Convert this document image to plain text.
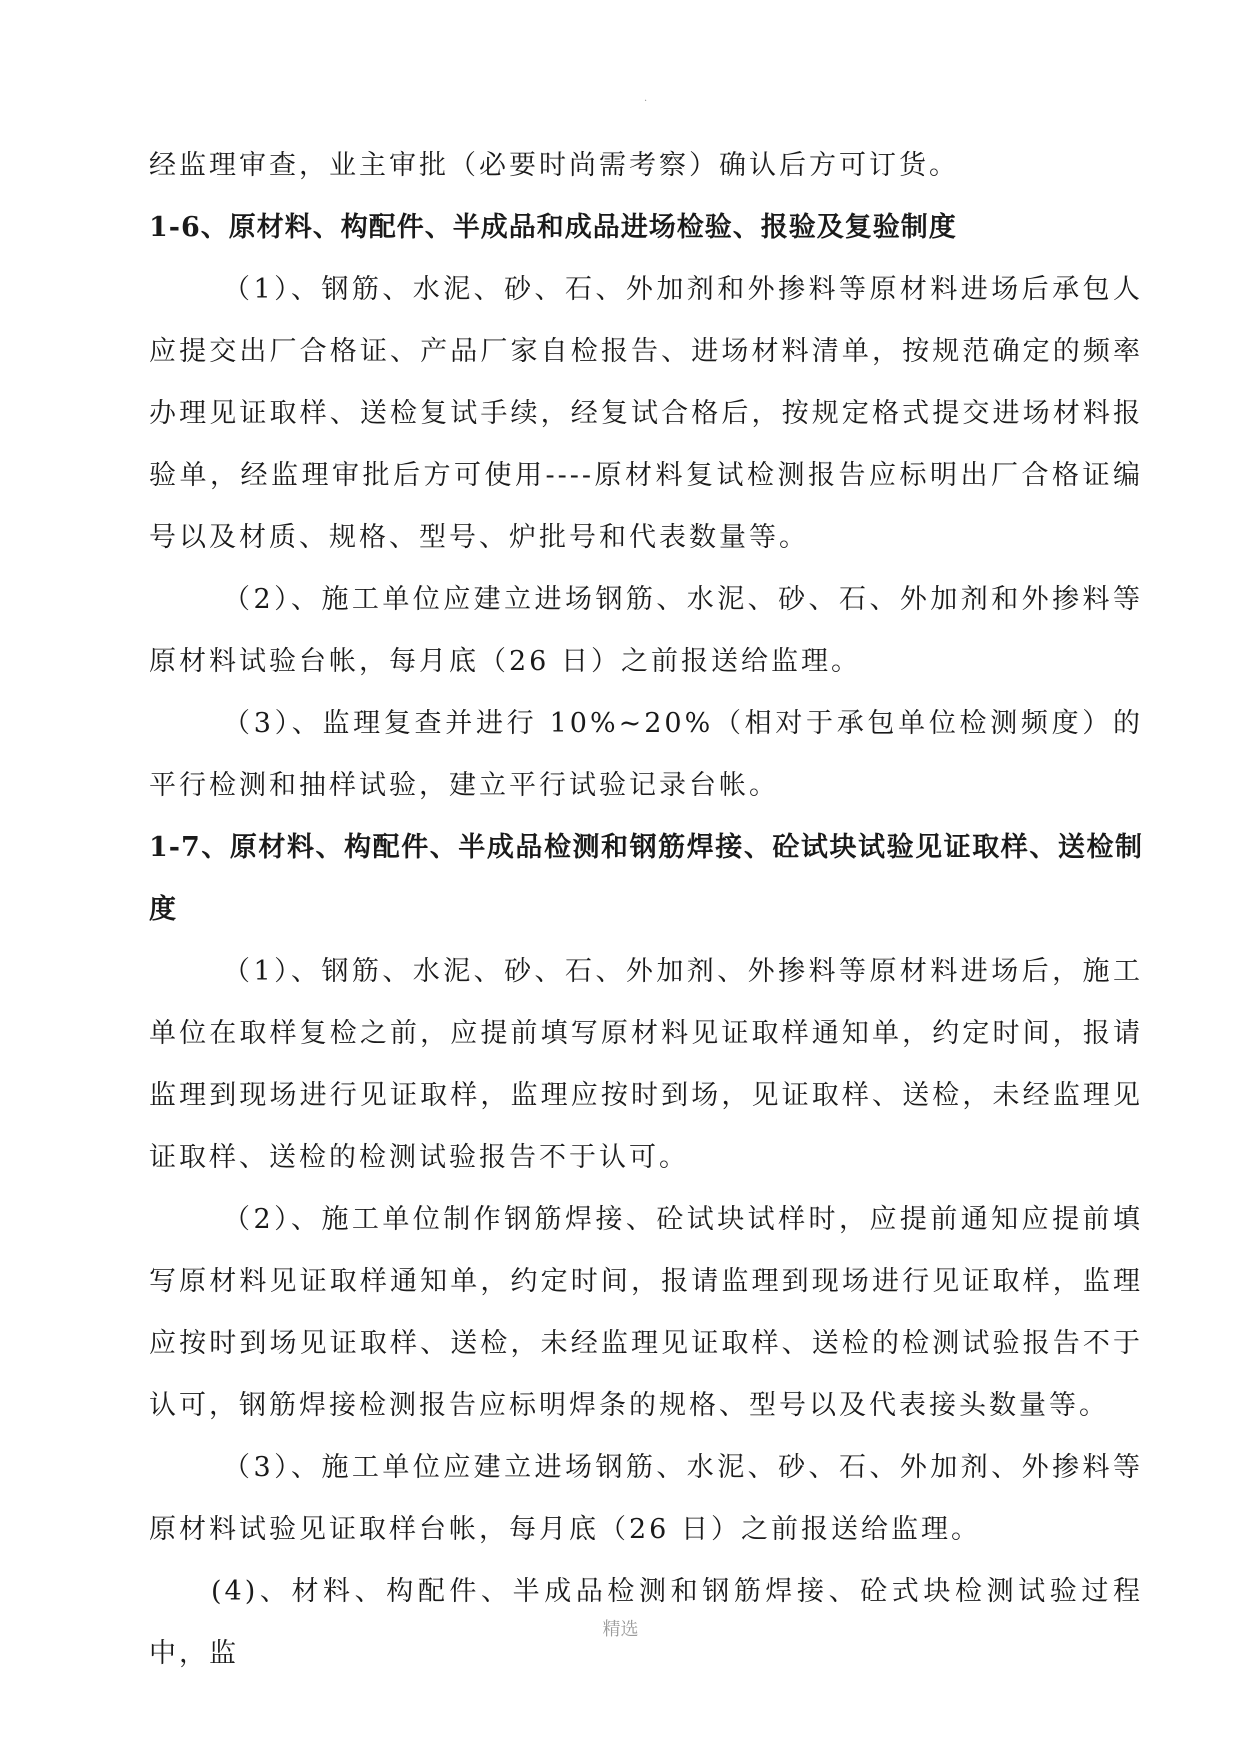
·

经监理审查，业主审批（必要时尚需考察）确认后方可订货。

1-6、原材料、构配件、半成品和成品进场检验、报验及复验制度

（1）、钢筋、水泥、砂、石、外加剂和外掺料等原材料进场后承包人应提交出厂合格证、产品厂家自检报告、进场材料清单，按规范确定的频率办理见证取样、送检复试手续，经复试合格后，按规定格式提交进场材料报验单，经监理审批后方可使用----原材料复试检测报告应标明出厂合格证编号以及材质、规格、型号、炉批号和代表数量等。

（2）、施工单位应建立进场钢筋、水泥、砂、石、外加剂和外掺料等原材料试验台帐，每月底（26 日）之前报送给监理。

（3）、监理复查并进行 10%~20%（相对于承包单位检测频度）的平行检测和抽样试验，建立平行试验记录台帐。

1-7、原材料、构配件、半成品检测和钢筋焊接、砼试块试验见证取样、送检制度

（1）、钢筋、水泥、砂、石、外加剂、外掺料等原材料进场后，施工单位在取样复检之前，应提前填写原材料见证取样通知单，约定时间，报请监理到现场进行见证取样，监理应按时到场，见证取样、送检，未经监理见证取样、送检的检测试验报告不于认可。

（2）、施工单位制作钢筋焊接、砼试块试样时，应提前通知应提前填写原材料见证取样通知单，约定时间，报请监理到现场进行见证取样，监理应按时到场见证取样、送检，未经监理见证取样、送检的检测试验报告不于认可，钢筋焊接检测报告应标明焊条的规格、型号以及代表接头数量等。

（3）、施工单位应建立进场钢筋、水泥、砂、石、外加剂、外掺料等原材料试验见证取样台帐，每月底（26 日）之前报送给监理。

(4)、材料、构配件、半成品检测和钢筋焊接、砼式块检测试验过程中，监

精选
